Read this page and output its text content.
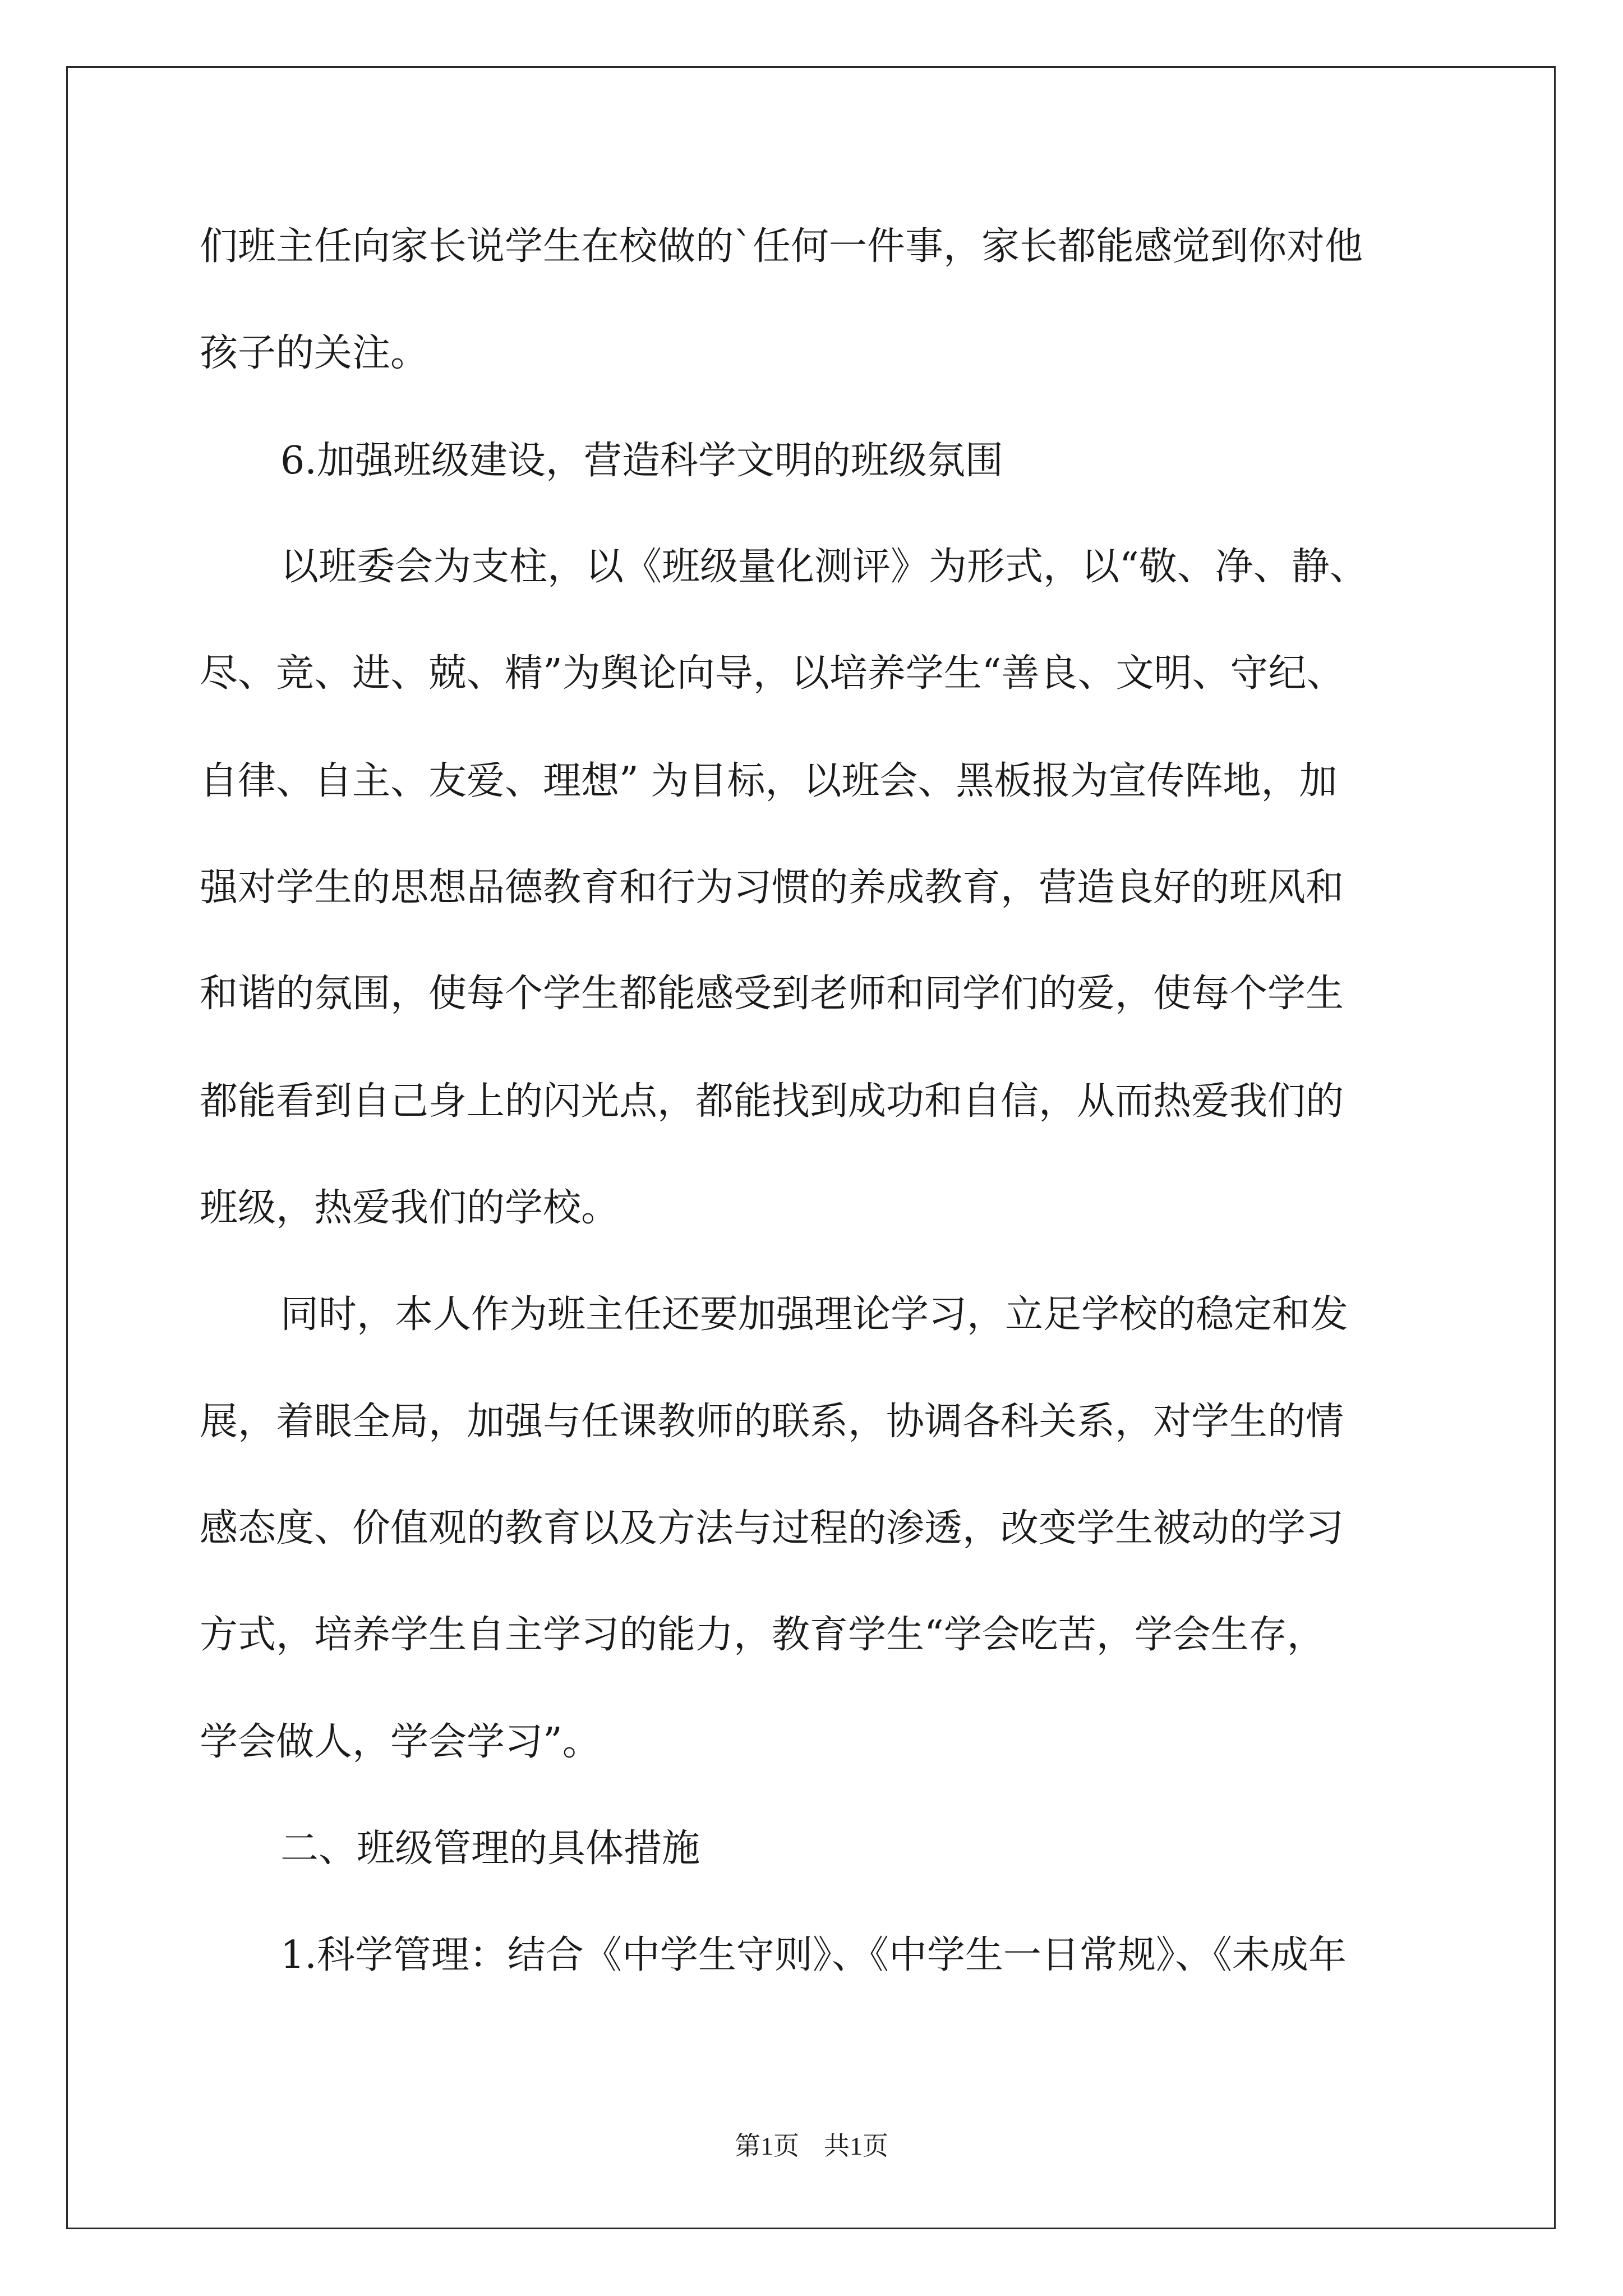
们班主任向家长说学生在校做的`任何一件事，家长都能感觉到你对他
孩子的关注。
6.加强班级建设，营造科学文明的班级氛围
以班委会为支柱，以《班级量化测评》为形式，以“敬、净、静、
尽、竞、进、兢、精”为舆论向导，以培养学生“善良、文明、守纪、
自律、自主、友爱、理想” 为目标，以班会、黑板报为宣传阵地，加
强对学生的思想品德教育和行为习惯的养成教育，营造良好的班风和
和谐的氛围，使每个学生都能感受到老师和同学们的爱，使每个学生
都能看到自己身上的闪光点，都能找到成功和自信，从而热爱我们的
班级，热爱我们的学校。
同时，本人作为班主任还要加强理论学习，立足学校的稳定和发
展，着眼全局，加强与任课教师的联系，协调各科关系，对学生的情
感态度、价值观的教育以及方法与过程的渗透，改变学生被动的学习
方式，培养学生自主学习的能力，教育学生“学会吃苦，学会生存，
学会做人，学会学习”。
二、班级管理的具体措施
1.科学管理：结合《中学生守则》、《中学生一日常规》、《未成年
第1页 共1页
